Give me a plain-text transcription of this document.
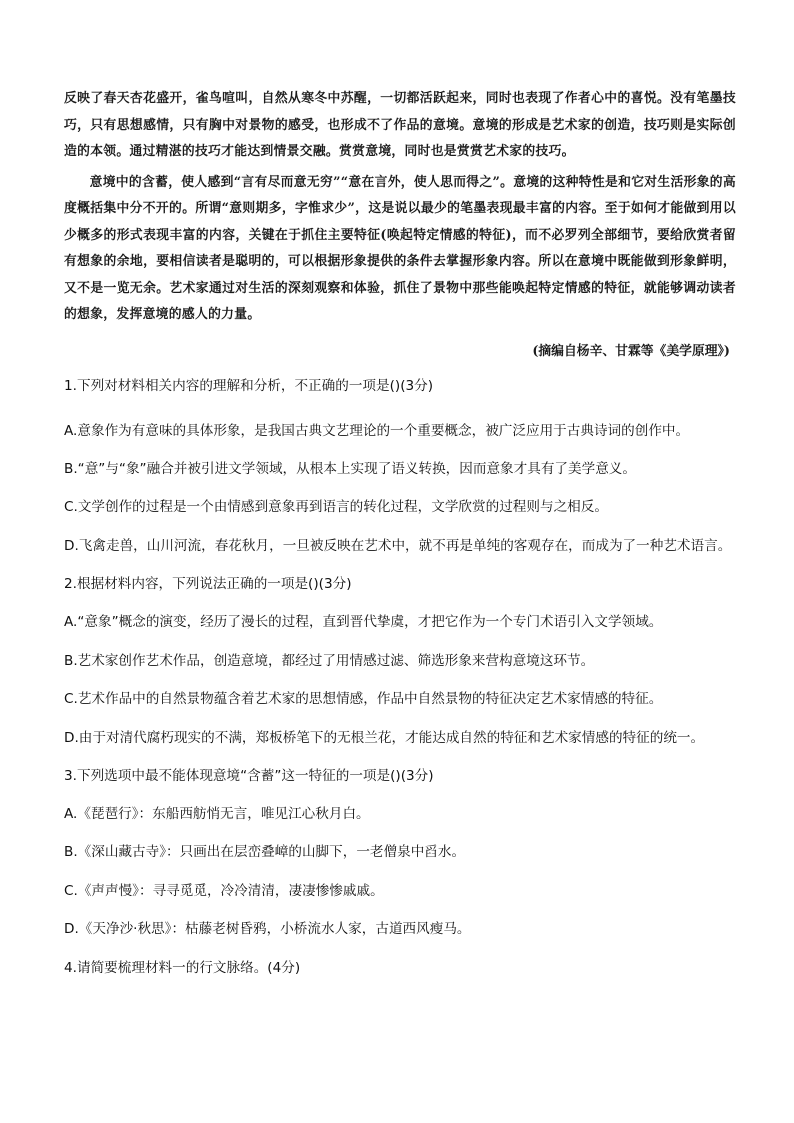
反映了春天杏花盛开，雀鸟喧叫，自然从寒冬中苏醒，一切都活跃起来，同时也表现了作者心中的喜悦。没有笔墨技巧，只有思想感情，只有胸中对景物的感受，也形成不了作品的意境。意境的形成是艺术家的创造，技巧则是实际创造的本领。通过精湛的技巧才能达到情景交融。赏赏意境，同时也是赏赏艺术家的技巧。

意境中的含蓄，使人感到“言有尽而意无穷”“意在言外，使人思而得之”。意境的这种特性是和它对生活形象的高度概括集中分不开的。所谓“意则期多，字惟求少”，这是说以最少的笔墨表现最丰富的内容。至于如何才能做到用以少概多的形式表现丰富的内容，关键在于抓住主要特征(唤起特定情感的特征)，而不必罗列全部细节，要给欣赏者留有想象的余地，要相信读者是聪明的，可以根据形象提供的条件去掌握形象内容。所以在意境中既能做到形象鲜明，又不是一览无余。艺术家通过对生活的深刻观察和体验，抓住了景物中那些能唤起特定情感的特征，就能够调动读者的想象，发挥意境的感人的力量。

(摘编自杨辛、甘霖等《美学原理》)
1.下列对材料相关内容的理解和分析，不正确的一项是()(3分)
A.意象作为有意味的具体形象，是我国古典文艺理论的一个重要概念，被广泛应用于古典诗词的创作中。
B.“意”与“象”融合并被引进文学领域，从根本上实现了语义转换，因而意象才具有了美学意义。
C.文学创作的过程是一个由情感到意象再到语言的转化过程，文学欣赏的过程则与之相反。
D.飞禽走兽，山川河流，春花秋月，一旦被反映在艺术中，就不再是单纯的客观存在，而成为了一种艺术语言。
2.根据材料内容，下列说法正确的一项是()(3分)
A.“意象”概念的演变，经历了漫长的过程，直到晋代挚虞，才把它作为一个专门术语引入文学领域。
B.艺术家创作艺术作品，创造意境，都经过了用情感过滤、筛选形象来营构意境这环节。
C.艺术作品中的自然景物蕴含着艺术家的思想情感，作品中自然景物的特征决定艺术家情感的特征。
D.由于对清代腐朽现实的不满，郑板桥笔下的无根兰花，才能达成自然的特征和艺术家情感的特征的统一。
3.下列选项中最不能体现意境“含蓄”这一特征的一项是()(3分)
A.《琵琶行》：东船西舫悄无言，唯见江心秋月白。
B.《深山藏古寺》：只画出在层峦叠嶂的山脚下，一老僧泉中舀水。
C.《声声慢》：寻寻觅觅，冷冷清清，凄凄惨惨戚戚。
D.《天净沙·秋思》：枯藤老树昏鸦，小桥流水人家，古道西风瘦马。
4.请简要梳理材料一的行文脉络。(4分)
